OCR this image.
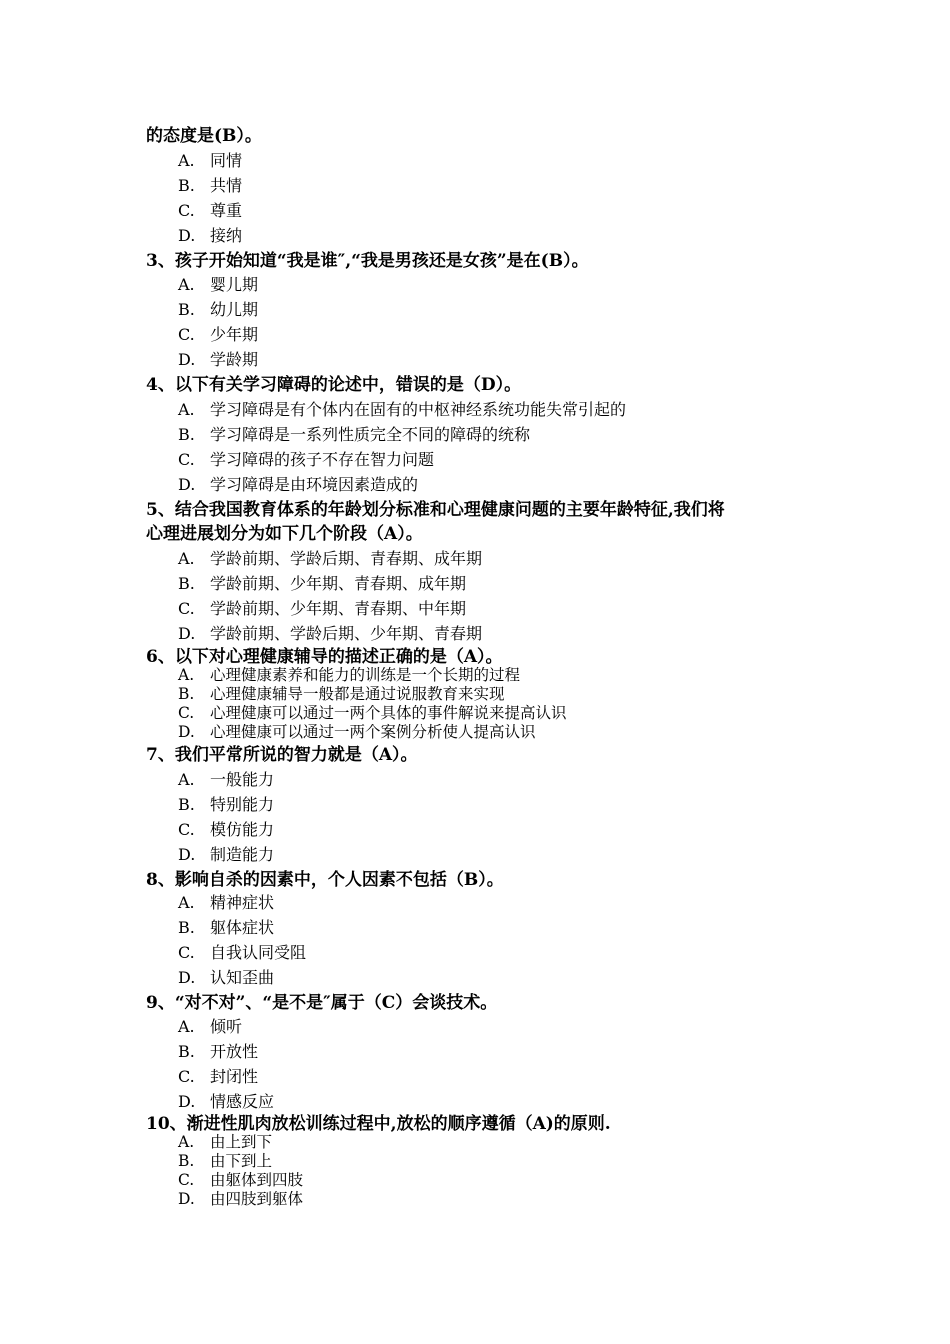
的态度是(B）。
A. 同情
B. 共情
C. 尊重
D. 接纳
3、孩子开始知道“我是谁″,“我是男孩还是女孩”是在(B）。
A. 婴儿期
B. 幼儿期
C. 少年期
D. 学龄期
4、以下有关学习障碍的论述中，错误的是（D）。
A. 学习障碍是有个体内在固有的中枢神经系统功能失常引起的
B. 学习障碍是一系列性质完全不同的障碍的统称
C. 学习障碍的孩子不存在智力问题
D. 学习障碍是由环境因素造成的
5、结合我国教育体系的年龄划分标准和心理健康问题的主要年龄特征,我们将
心理进展划分为如下几个阶段（A）。
A. 学龄前期、学龄后期、青春期、成年期
B. 学龄前期、少年期、青春期、成年期
C. 学龄前期、少年期、青春期、中年期
D. 学龄前期、学龄后期、少年期、青春期
6、以下对心理健康辅导的描述正确的是（A）。
A. 心理健康素养和能力的训练是一个长期的过程
B. 心理健康辅导一般都是通过说服教育来实现
C. 心理健康可以通过一两个具体的事件解说来提高认识
D. 心理健康可以通过一两个案例分析使人提高认识
7、我们平常所说的智力就是（A）。
A. 一般能力
B. 特别能力
C. 模仿能力
D. 制造能力
8、影响自杀的因素中，个人因素不包括（B）。
A. 精神症状
B. 躯体症状
C. 自我认同受阻
D. 认知歪曲
9、“对不对”、“是不是″属于（C）会谈技术。
A. 倾听
B. 开放性
C. 封闭性
D. 情感反应
10、渐进性肌肉放松训练过程中,放松的顺序遵循（A)的原则.
A. 由上到下
B. 由下到上
C. 由躯体到四肢
D. 由四肢到躯体
